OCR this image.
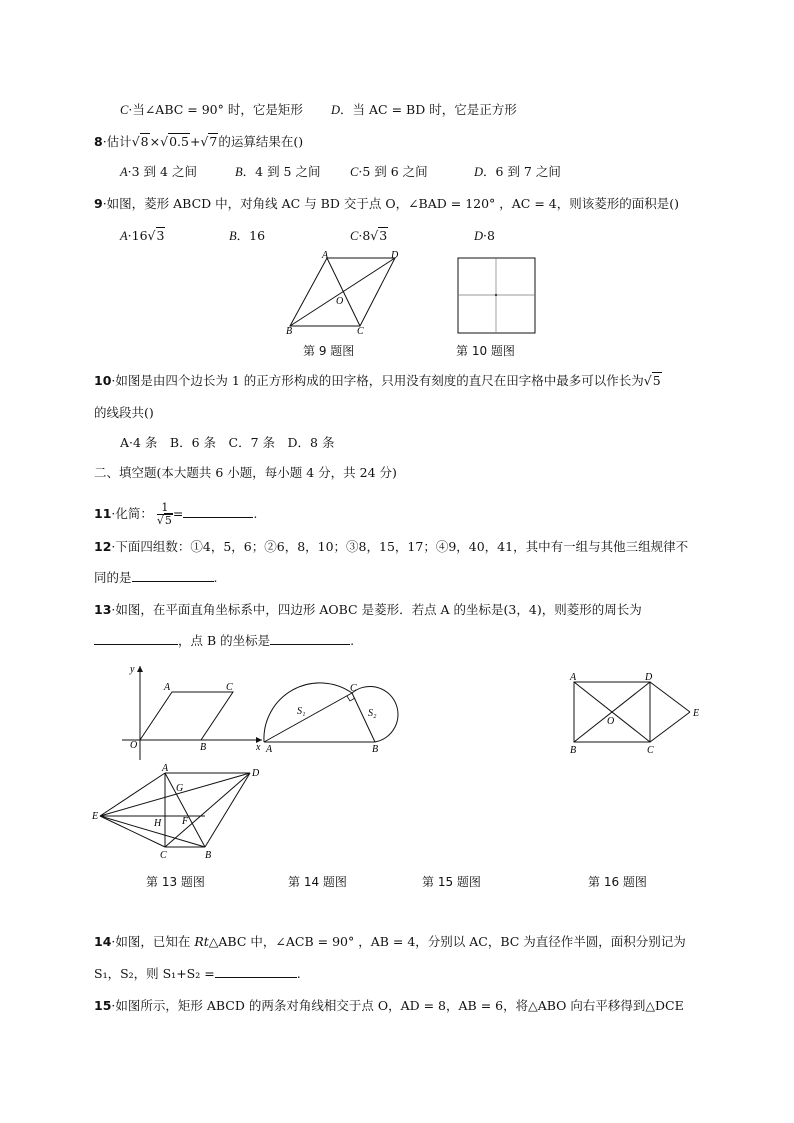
C·当∠ABC = 90° 时，它是矩形 D．当 AC = BD 时，它是正方形
8·估计√8×√0.5+√7的运算结果在()
A·3 到 4 之间	B．4 到 5 之间 C·5 到 6 之间	D．6 到 7 之间
9·如图，菱形 ABCD 中，对角线 AC 与 BD 交于点 O，∠BAD = 120° ，AC = 4，则该菱形的面积是()
A·16√3	B．16	C·8√3	D·8
A	D
O
B	C
第 9 题图	第 10 题图
10·如图是由四个边长为 1 的正方形构成的田字格，只用没有刻度的直尺在田字格中最多可以作长为√5
的线段共()
A·4 条　B．6 条　C．7 条　D．8 条
二、填空题(本大题共 6 小题，每小题 4 分，共 24 分)
11·化简： $\frac{1}{√5}$ =	.
12·下面四组数：①4，5，6；②6，8，10；③8，15，17；④9，40，41，其中有一组与其他三组规律不
同的是	.
13·如图，在平面直角坐标系中，四边形 AOBC 是菱形．若点 A 的坐标是(3，4)，则菱形的周长为
，点 B 的坐标是	.
y
A	C
O	B	x
C
S₁	S₂
A	B
A
G
D
E
H F
C	B
A	D
E
O
B	C
第 13 题图	第 14 题图	第 15 题图	第 16 题图
14·如图，已知在 Rt△ABC 中，∠ACB = 90° ，AB = 4，分别以 AC，BC 为直径作半圆，面积分别记为
S₁，S₂，则 S₁+S₂ =	.
15·如图所示，矩形 ABCD 的两条对角线相交于点 O，AD = 8，AB = 6，将△ABO 向右平移得到△DCE
